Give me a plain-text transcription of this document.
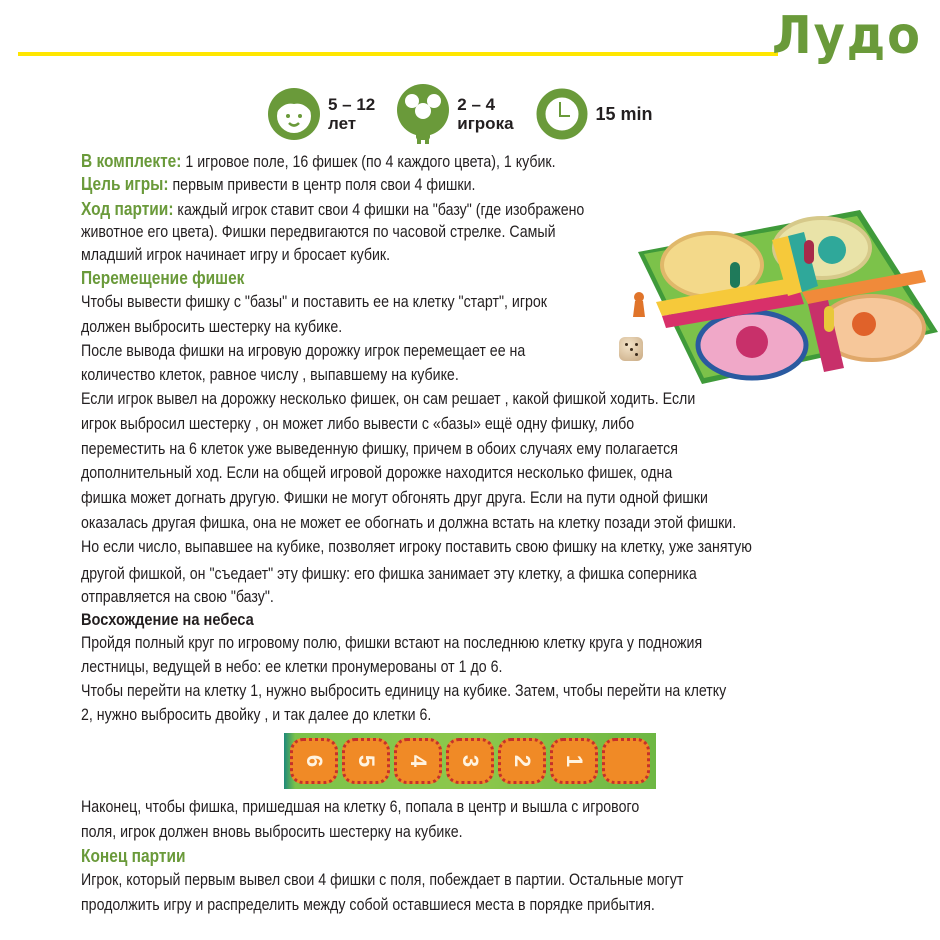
Лудо
5 – 12
лет
2 – 4
игрока	15 min
В комплекте: 1 игровое поле, 16 фишек (по 4 каждого цвета), 1 кубик.
Цель игры: первым привести в центр поля свои 4 фишки.
Ход партии: каждый игрок ставит свои 4 фишки на "базу" (где изображено
животное его цвета). Фишки передвигаются по часовой стрелке. Самый
младший игрок начинает игру и бросает кубик.
Перемещение фишек
Чтобы вывести фишку с "базы" и поставить ее на клетку "старт", игрок
должен выбросить шестерку на кубике.
После вывода фишки на игровую дорожку игрок перемещает ее на
количество клеток, равное числу , выпавшему на кубике.
Если игрок вывел на дорожку несколько фишек, он сам решает , какой фишкой ходить. Если
игрок выбросил шестерку , он может либо вывести с «базы» ещё одну фишку, либо
переместить на 6 клеток уже выведенную фишку, причем в обоих случаях ему полагается
дополнительный ход. Если на общей игровой дорожке находится несколько фишек, одна
фишка может догнать другую. Фишки не могут обгонять друг друга. Если на пути одной фишки
оказалась другая фишка, она не может ее обогнать и должна встать на клетку позади этой фишки.
Но если число, выпавшее на кубике, позволяет игроку поставить свою фишку на клетку, уже занятую
другой фишкой, он "съедает" эту фишку: его фишка занимает эту клетку, а фишка соперника
отправляется на свою "базу".
Восхождение на небеса
Пройдя полный круг по игровому полю, фишки встают на последнюю клетку круга у подножия
лестницы, ведущей в небо: ее клетки пронумерованы от 1 до 6.
Чтобы перейти на клетку 1, нужно выбросить единицу на кубике. Затем, чтобы перейти на клетку
2, нужно выбросить двойку , и так далее до клетки 6.
6 5 4 3 2 1
Наконец, чтобы фишка, пришедшая на клетку 6, попала в центр и вышла с игрового
поля, игрок должен вновь выбросить шестерку на кубике.
Конец партии
Игрок, который первым вывел свои 4 фишки с поля, побеждает в партии. Остальные могут
продолжить игру и распределить между собой оставшиеся места в порядке прибытия.
